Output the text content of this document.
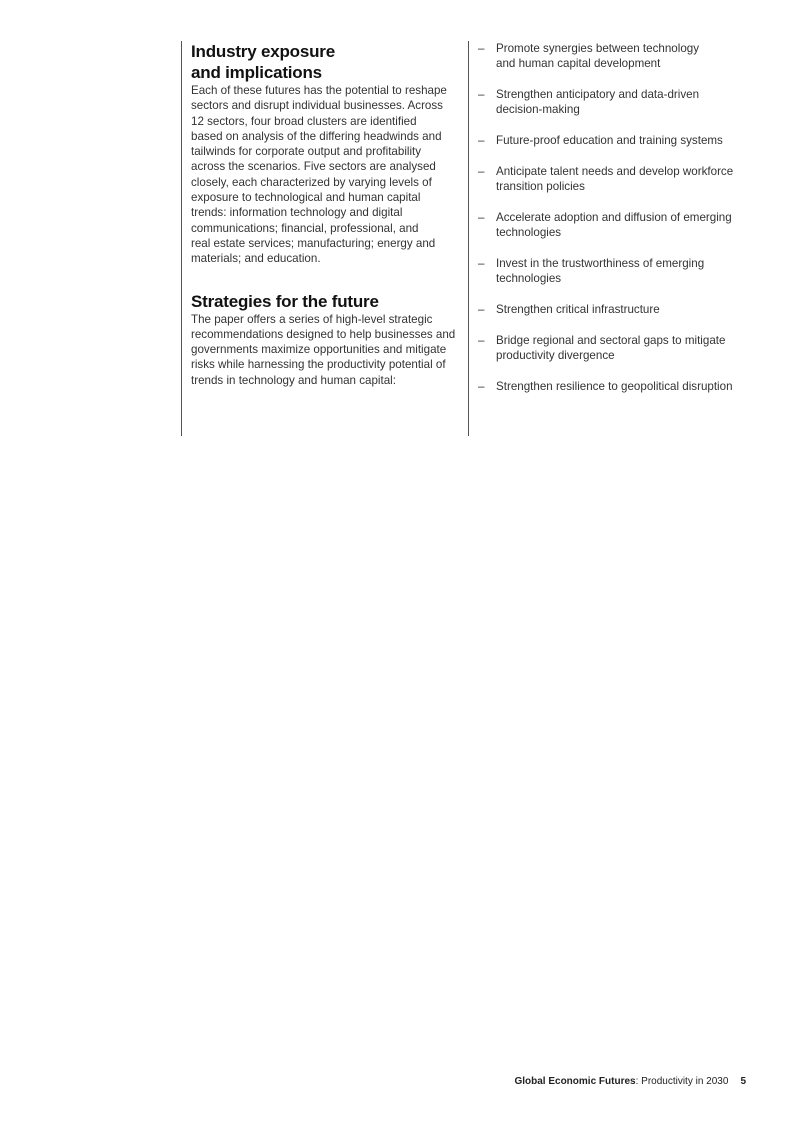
Industry exposure
and implications

Each of these futures has the potential to reshape
sectors and disrupt individual businesses. Across
12 sectors, four broad clusters are identified
based on analysis of the differing headwinds and
tailwinds for corporate output and profitability
across the scenarios. Five sectors are analysed
closely, each characterized by varying levels of
exposure to technological and human capital
trends: information technology and digital
communications; financial, professional, and
real estate services; manufacturing; energy and
materials; and education.

Strategies for the future

The paper offers a series of high-level strategic
recommendations designed to help businesses and
governments maximize opportunities and mitigate
risks while harnessing the productivity potential of
trends in technology and human capital:

– Promote synergies between technology
and human capital development
– Strengthen anticipatory and data-driven
decision-making
– Future-proof education and training systems
– Anticipate talent needs and develop workforce
transition policies
– Accelerate adoption and diffusion of emerging
technologies
– Invest in the trustworthiness of emerging
technologies
– Strengthen critical infrastructure
– Bridge regional and sectoral gaps to mitigate
productivity divergence
– Strengthen resilience to geopolitical disruption
Global Economic Futures: Productivity in 2030 5
